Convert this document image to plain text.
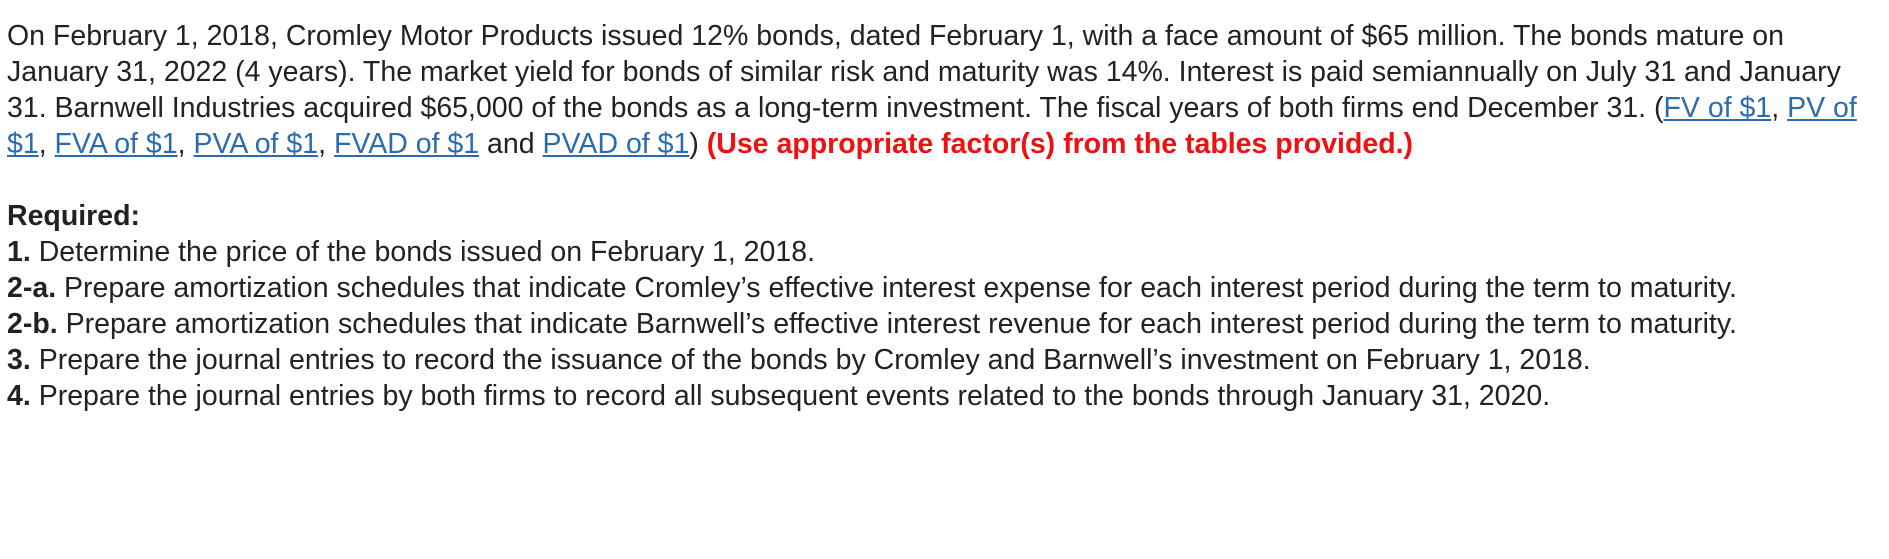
On February 1, 2018, Cromley Motor Products issued 12% bonds, dated February 1, with a face amount of $65 million. The bonds mature on January 31, 2022 (4 years). The market yield for bonds of similar risk and maturity was 14%. Interest is paid semiannually on July 31 and January 31. Barnwell Industries acquired $65,000 of the bonds as a long-term investment. The fiscal years of both firms end December 31. (FV of $1, PV of $1, FVA of $1, PVA of $1, FVAD of $1 and PVAD of $1) (Use appropriate factor(s) from the tables provided.)

Required:
1. Determine the price of the bonds issued on February 1, 2018.
2-a. Prepare amortization schedules that indicate Cromley’s effective interest expense for each interest period during the term to maturity.
2-b. Prepare amortization schedules that indicate Barnwell’s effective interest revenue for each interest period during the term to maturity.
3. Prepare the journal entries to record the issuance of the bonds by Cromley and Barnwell’s investment on February 1, 2018.
4. Prepare the journal entries by both firms to record all subsequent events related to the bonds through January 31, 2020.
